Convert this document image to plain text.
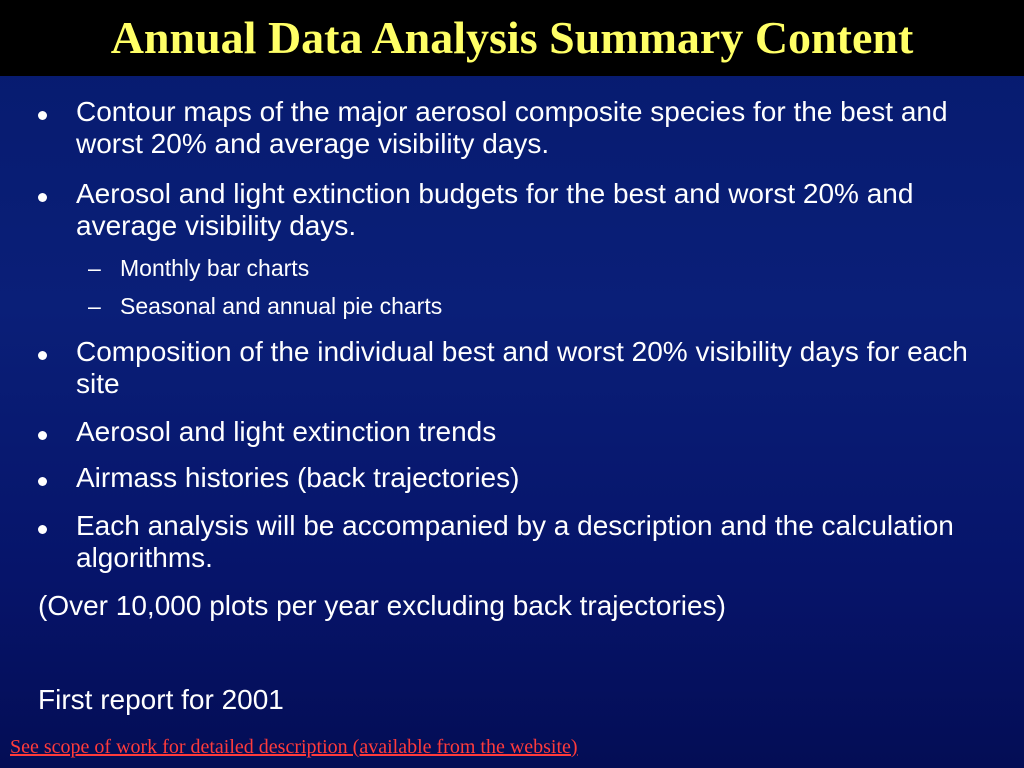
Annual Data Analysis Summary Content
Contour maps of the major aerosol composite species for the best and worst 20% and average visibility days.
Aerosol and light extinction budgets for the best and worst 20% and average visibility days.
– Monthly bar charts
– Seasonal and annual pie charts
Composition of the individual best and worst 20% visibility days for each site
Aerosol and light extinction trends
Airmass histories (back trajectories)
Each analysis will be accompanied by a description and the calculation algorithms.
(Over 10,000 plots per year excluding back trajectories)
First report for 2001
See scope of work for detailed description (available from the website)
